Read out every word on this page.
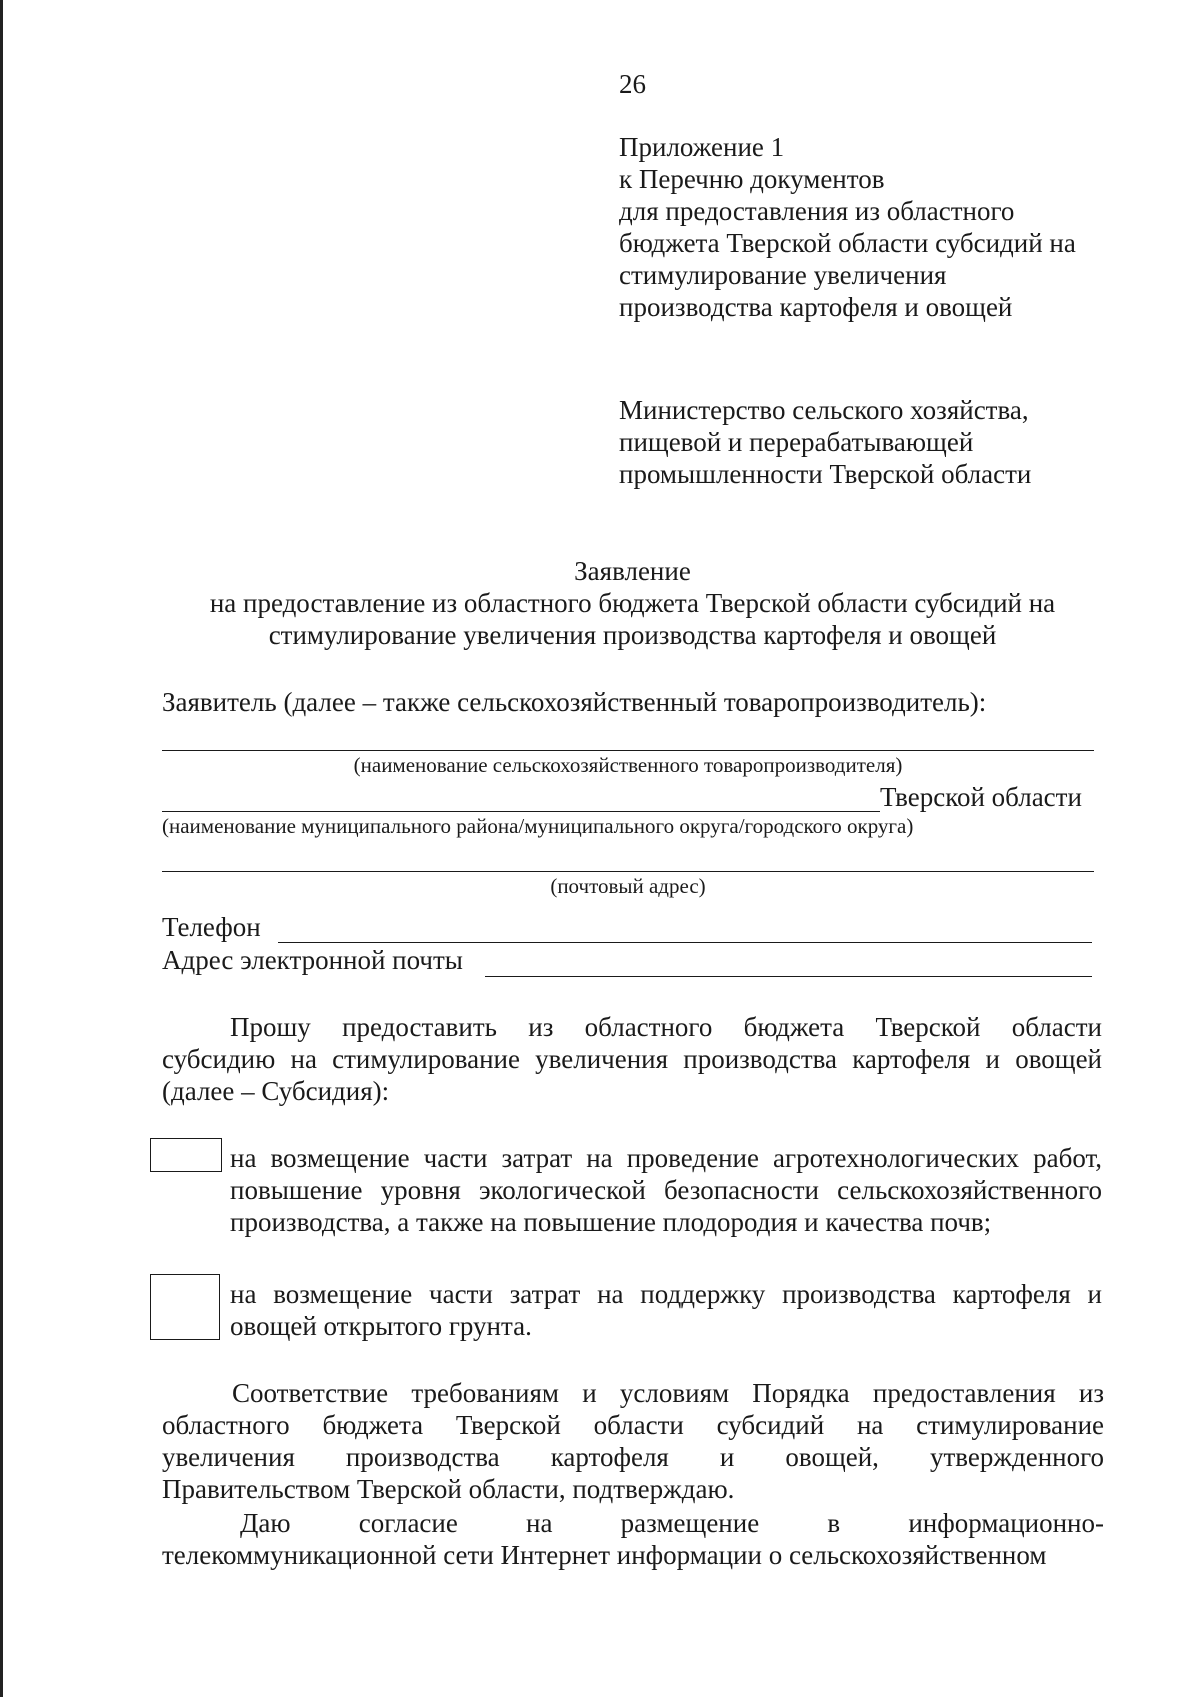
26
Приложение 1
к Перечню документов
для предоставления из областного
бюджета Тверской области субсидий на
стимулирование увеличения
производства картофеля и овощей
Министерство сельского хозяйства,
пищевой и перерабатывающей
промышленности Тверской области
Заявление
на предоставление из областного бюджета Тверской области субсидий на
стимулирование увеличения производства картофеля и овощей
Заявитель (далее – также сельскохозяйственный товаропроизводитель):
(наименование сельскохозяйственного товаропроизводителя)
Тверской области
(наименование муниципального района/муниципального округа/городского округа)
(почтовый адрес)
Телефон
Адрес электронной почты
Прошу предоставить из областного бюджета Тверской области
субсидию на стимулирование увеличения производства картофеля и овощей
(далее – Субсидия):
на возмещение части затрат на проведение агротехнологических работ,
повышение уровня экологической безопасности сельскохозяйственного
производства, а также на повышение плодородия и качества почв;
на возмещение части затрат на поддержку производства картофеля и
овощей открытого грунта.
Соответствие требованиям и условиям Порядка предоставления из
областного бюджета Тверской области субсидий на стимулирование
увеличения производства картофеля и овощей, утвержденного
Правительством Тверской области, подтверждаю.
Даю согласие на размещение в информационно-
телекоммуникационной сети Интернет информации о сельскохозяйственном
